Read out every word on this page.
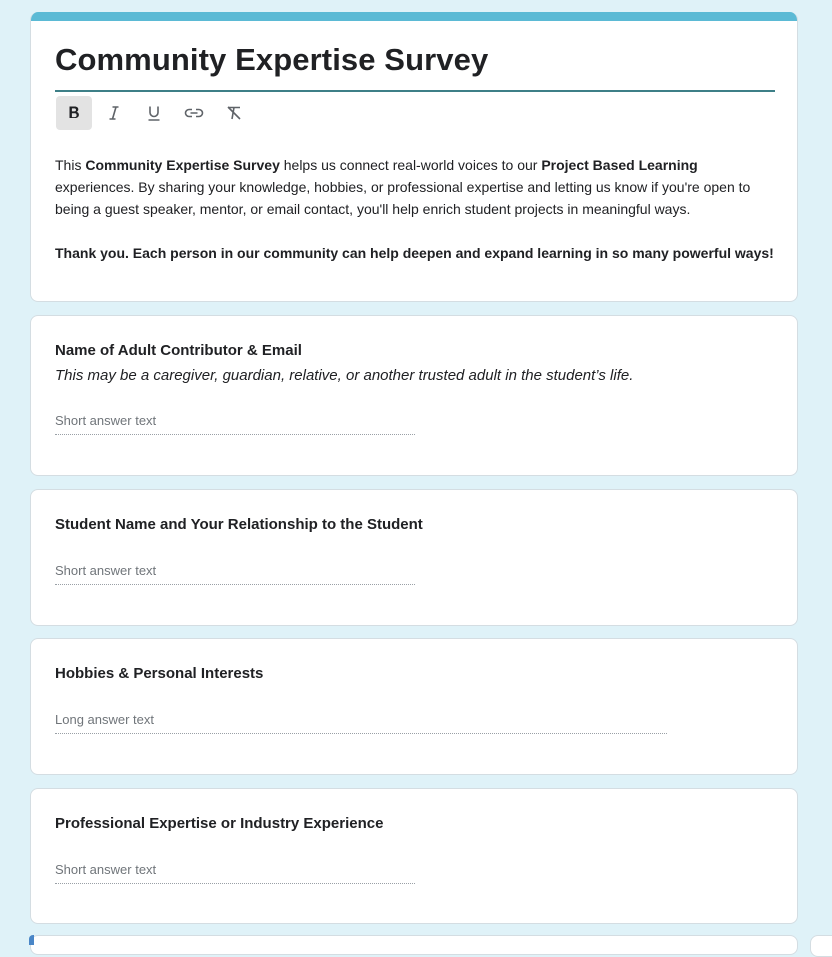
Community Expertise Survey

This Community Expertise Survey helps us connect real-world voices to our Project Based Learning experiences. By sharing your knowledge, hobbies, or professional expertise and letting us know if you're open to being a guest speaker, mentor, or email contact, you'll help enrich student projects in meaningful ways.

Thank you. Each person in our community can help deepen and expand learning in so many powerful ways!

Name of Adult Contributor & Email
This may be a caregiver, guardian, relative, or another trusted adult in the student’s life.
Short answer text
Student Name and Your Relationship to the Student
Short answer text
Hobbies & Personal Interests
Long answer text
Professional Expertise or Industry Experience
Short answer text
